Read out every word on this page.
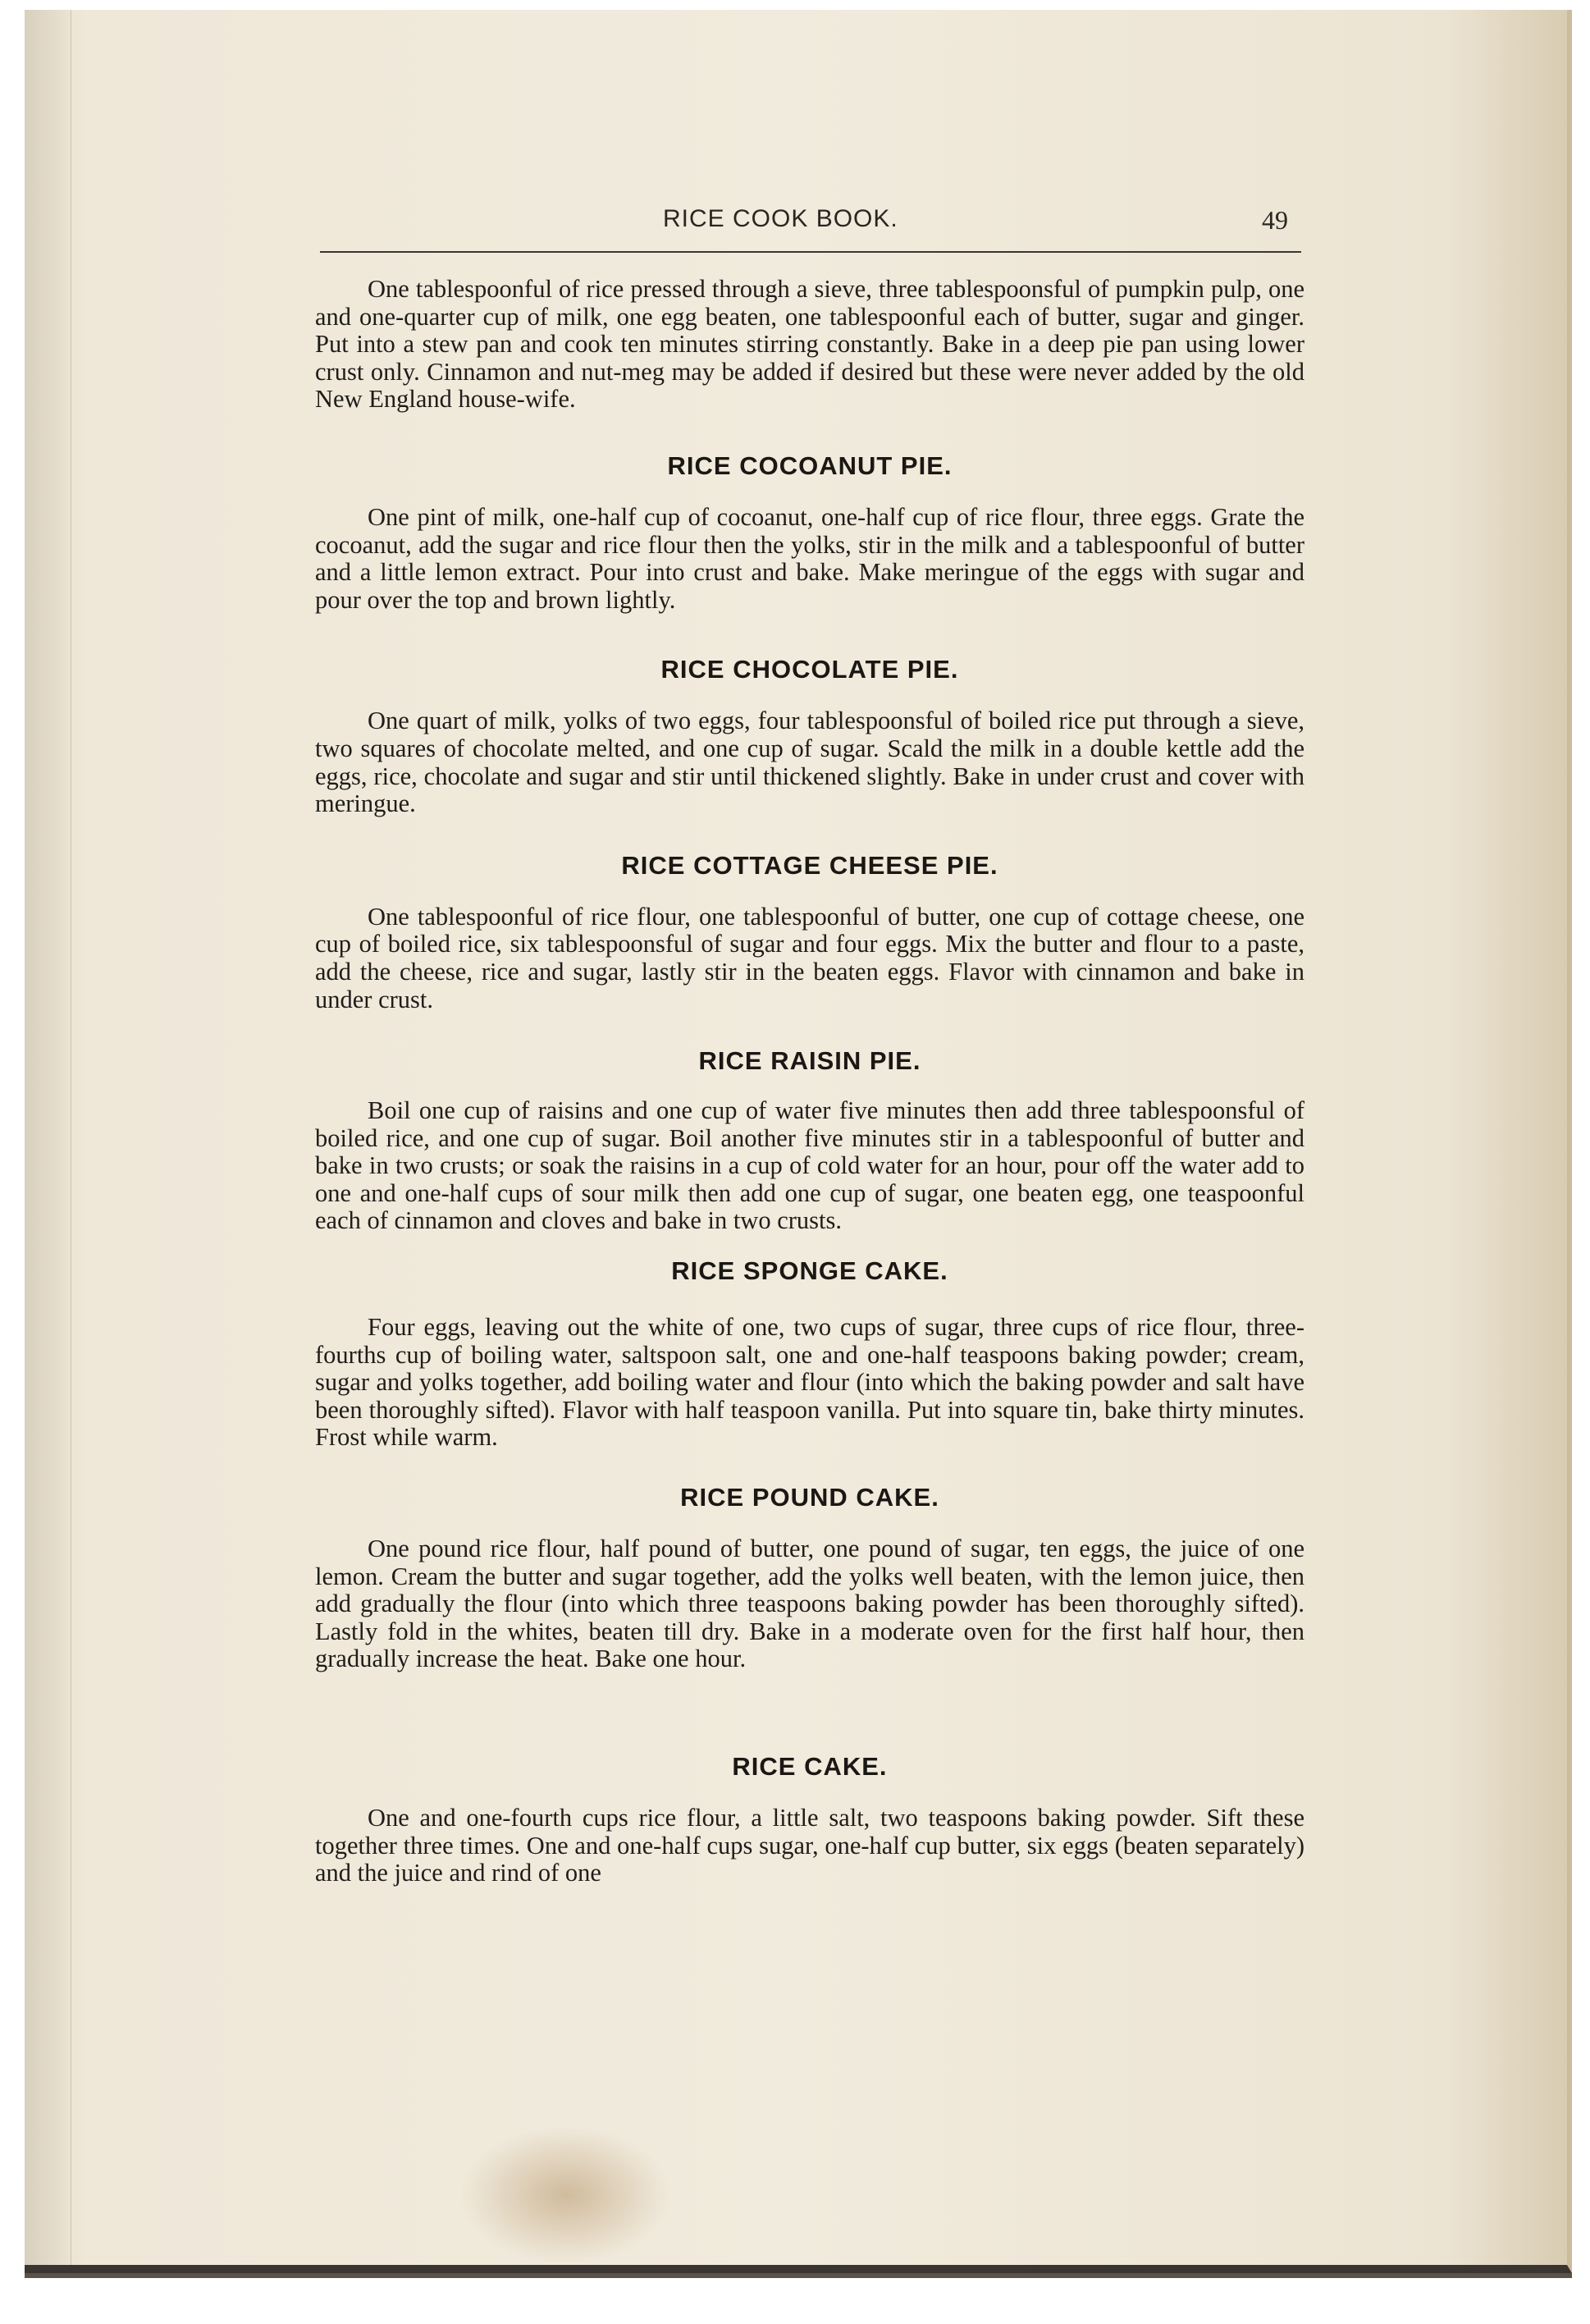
RICE COOK BOOK.	49

One tablespoonful of rice pressed through a sieve, three tablespoonsful of pumpkin pulp, one and one-quarter cup of milk, one egg beaten, one tablespoonful each of butter, sugar and ginger. Put into a stew pan and cook ten minutes stirring constantly. Bake in a deep pie pan using lower crust only. Cinnamon and nut-meg may be added if desired but these were never added by the old New England house-wife.

RICE COCOANUT PIE.

One pint of milk, one-half cup of cocoanut, one-half cup of rice flour, three eggs. Grate the cocoanut, add the sugar and rice flour then the yolks, stir in the milk and a tablespoonful of butter and a little lemon extract. Pour into crust and bake. Make meringue of the eggs with sugar and pour over the top and brown lightly.

RICE CHOCOLATE PIE.

One quart of milk, yolks of two eggs, four tablespoonsful of boiled rice put through a sieve, two squares of chocolate melted, and one cup of sugar. Scald the milk in a double kettle add the eggs, rice, chocolate and sugar and stir until thickened slightly. Bake in under crust and cover with meringue.

RICE COTTAGE CHEESE PIE.

One tablespoonful of rice flour, one tablespoonful of butter, one cup of cottage cheese, one cup of boiled rice, six tablespoonsful of sugar and four eggs. Mix the butter and flour to a paste, add the cheese, rice and sugar, lastly stir in the beaten eggs. Flavor with cinnamon and bake in under crust.

RICE RAISIN PIE.

Boil one cup of raisins and one cup of water five minutes then add three tablespoonsful of boiled rice, and one cup of sugar. Boil another five minutes stir in a tablespoonful of butter and bake in two crusts; or soak the raisins in a cup of cold water for an hour, pour off the water add to one and one-half cups of sour milk then add one cup of sugar, one beaten egg, one teaspoonful each of cinnamon and cloves and bake in two crusts.

RICE SPONGE CAKE.

Four eggs, leaving out the white of one, two cups of sugar, three cups of rice flour, three-fourths cup of boiling water, saltspoon salt, one and one-half teaspoons baking powder; cream, sugar and yolks together, add boiling water and flour (into which the baking powder and salt have been thoroughly sifted). Flavor with half teaspoon vanilla. Put into square tin, bake thirty minutes. Frost while warm.

RICE POUND CAKE.

One pound rice flour, half pound of butter, one pound of sugar, ten eggs, the juice of one lemon. Cream the butter and sugar together, add the yolks well beaten, with the lemon juice, then add gradually the flour (into which three teaspoons baking powder has been thoroughly sifted). Lastly fold in the whites, beaten till dry. Bake in a moderate oven for the first half hour, then gradually increase the heat. Bake one hour.

RICE CAKE.

One and one-fourth cups rice flour, a little salt, two teaspoons baking powder. Sift these together three times. One and one-half cups sugar, one-half cup butter, six eggs (beaten separately) and the juice and rind of one
